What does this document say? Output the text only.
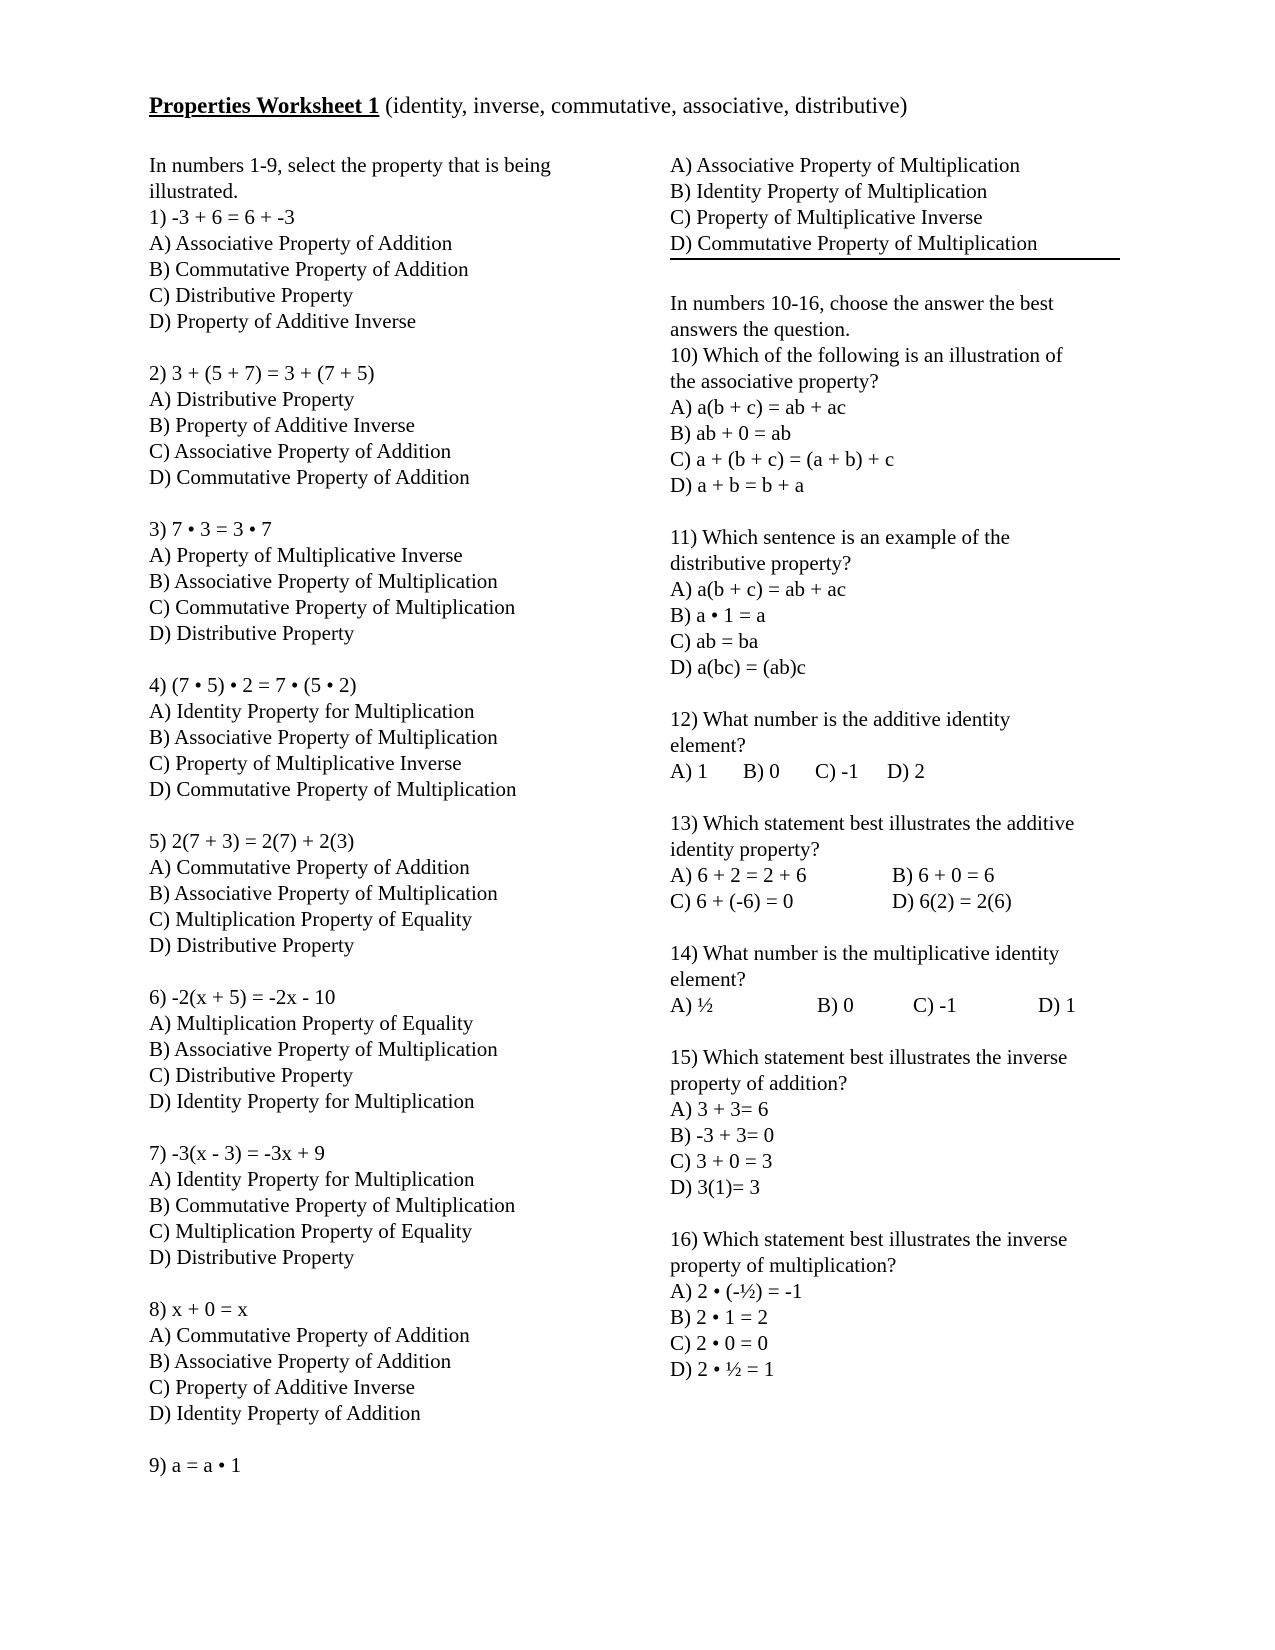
Properties Worksheet 1 (identity, inverse, commutative, associative, distributive)
In numbers 1-9, select the property that is being
illustrated.
1) -3 + 6 = 6 + -3
A) Associative Property of Addition
B) Commutative Property of Addition
C) Distributive Property
D) Property of Additive Inverse
2) 3 + (5 + 7) = 3 + (7 + 5)
A) Distributive Property
B) Property of Additive Inverse
C) Associative Property of Addition
D) Commutative Property of Addition
3) 7 • 3 = 3 • 7
A) Property of Multiplicative Inverse
B) Associative Property of Multiplication
C) Commutative Property of Multiplication
D) Distributive Property
4) (7 • 5) • 2 = 7 • (5 • 2)
A) Identity Property for Multiplication
B) Associative Property of Multiplication
C) Property of Multiplicative Inverse
D) Commutative Property of Multiplication
5) 2(7 + 3) = 2(7) + 2(3)
A) Commutative Property of Addition
B) Associative Property of Multiplication
C) Multiplication Property of Equality
D) Distributive Property
6) -2(x + 5) = -2x - 10
A) Multiplication Property of Equality
B) Associative Property of Multiplication
C) Distributive Property
D) Identity Property for Multiplication
7) -3(x - 3) = -3x + 9
A) Identity Property for Multiplication
B) Commutative Property of Multiplication
C) Multiplication Property of Equality
D) Distributive Property
8) x + 0 = x
A) Commutative Property of Addition
B) Associative Property of Addition
C) Property of Additive Inverse
D) Identity Property of Addition
9) a = a • 1
A) Associative Property of Multiplication
B) Identity Property of Multiplication
C) Property of Multiplicative Inverse
D) Commutative Property of Multiplication
In numbers 10-16, choose the answer the best
answers the question.
10) Which of the following is an illustration of
the associative property?
A) a(b + c) = ab + ac
B) ab + 0 = ab
C) a + (b + c) = (a + b) + c
D) a + b = b + a
11) Which sentence is an example of the
distributive property?
A) a(b + c) = ab + ac
B) a • 1 = a
C) ab = ba
D) a(bc) = (ab)c
12) What number is the additive identity
element?
A) 1	B) 0	C) -1	D) 2
13) Which statement best illustrates the additive
identity property?
A) 6 + 2 = 2 + 6	B) 6 + 0 = 6
C) 6 + (-6) = 0	D) 6(2) = 2(6)
14) What number is the multiplicative identity
element?
A) ½	B) 0	C) -1	D) 1
15) Which statement best illustrates the inverse
property of addition?
A) 3 + 3= 6
B) -3 + 3= 0
C) 3 + 0 = 3
D) 3(1)= 3
16) Which statement best illustrates the inverse
property of multiplication?
A) 2 • (-½) = -1
B) 2 • 1 = 2
C) 2 • 0 = 0
D) 2 • ½ = 1
